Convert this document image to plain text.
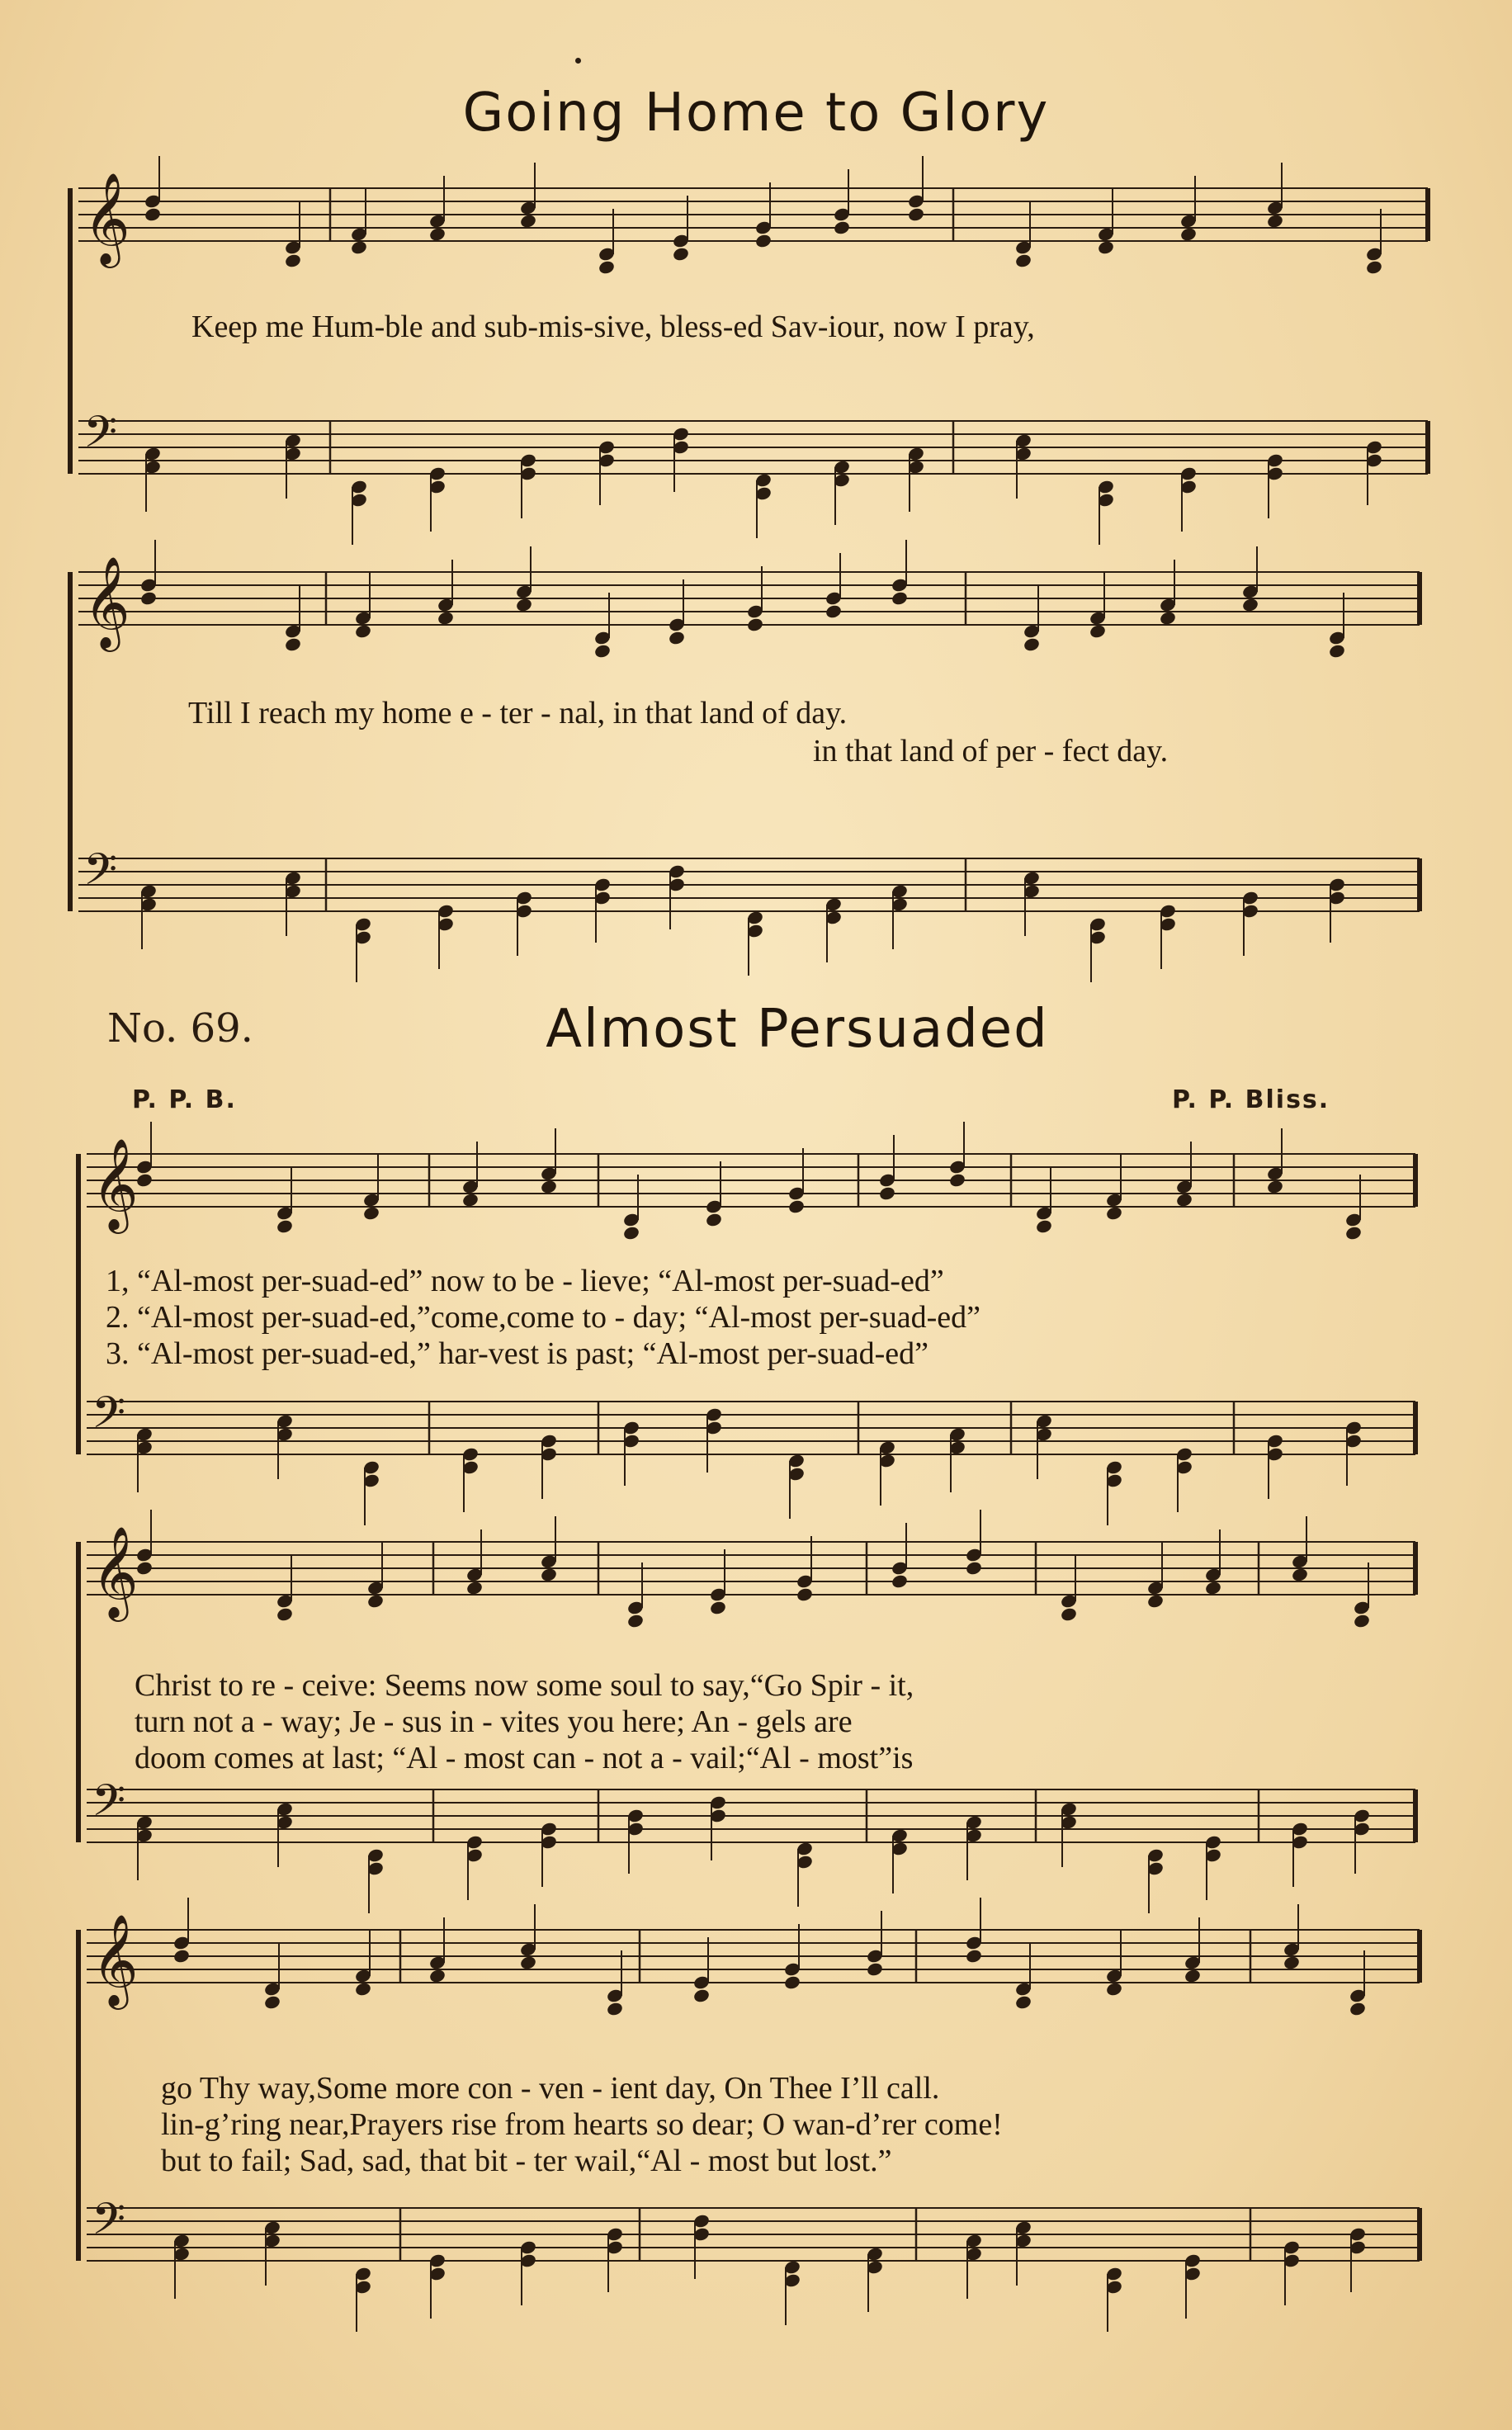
Going Home to Glory
𝄞
𝄢
Keep me Hum-ble and sub-mis-sive, bless-ed Sav-iour, now I pray,
𝄞
𝄢
Till I reach my home e - ter - nal, in that land of day.
in that land of per - fect day.
No. 69.	Almost Persuaded
P. P. B.	P. P. Bliss.
𝄞
𝄢
1, “Al-most per-suad-ed” now to be - lieve; “Al-most per-suad-ed”
2. “Al-most per-suad-ed,”come,come to - day; “Al-most per-suad-ed”
3. “Al-most per-suad-ed,” har-vest is past; “Al-most per-suad-ed”
𝄞
𝄢
Christ to re - ceive: Seems now some soul to say,“Go Spir - it,
turn not a - way; Je - sus in - vites you here; An - gels are
doom comes at last; “Al - most can - not a - vail;“Al - most”is
𝄞
𝄢
go Thy way,Some more con - ven - ient day, On Thee I’ll call.
lin-g’ring near,Prayers rise from hearts so dear; O wan-d’rer come!
but to fail; Sad, sad, that bit - ter wail,“Al - most but lost.”
